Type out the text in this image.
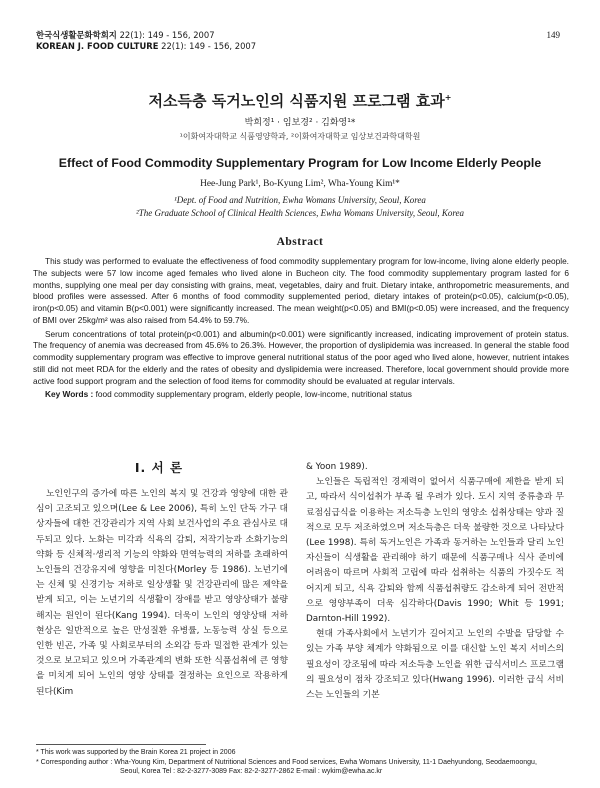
한국식생활문화학회지 22(1): 149 - 156, 2007
KOREAN J. FOOD CULTURE 22(1): 149 - 156, 2007
149
저소득층 독거노인의 식품지원 프로그램 효과+
박희정¹ · 임보경² · 김화영¹*
¹이화여자대학교 식품영양학과, ²이화여자대학교 임상보건과학대학원
Effect of Food Commodity Supplementary Program for Low Income Elderly People
Hee-Jung Park¹, Bo-Kyung Lim², Wha-Young Kim¹*
¹Dept. of Food and Nutrition, Ewha Womans University, Seoul, Korea
²The Graduate School of Clinical Health Sciences, Ewha Womans University, Seoul, Korea
Abstract

This study was performed to evaluate the effectiveness of food commodity supplementary program for low-income, living alone elderly people. The subjects were 57 low income aged females who lived alone in Bucheon city. The food commodity supplementary program lasted for 6 months, supplying one meal per day consisting with grains, meat, vegetables, dairy and fruit. Dietary intake, anthropometric measurements, and blood profiles were assessed. After 6 months of food commodity supplemented period, dietary intakes of protein(p<0.05), calcium(p<0.05), iron(p<0.05) and vitamin B(p<0.001) were significantly increased. The mean weight(p<0.05) and BMI(p<0.05) were increased, and the frequency of BMI over 25kg/m² was also raised from 54.4% to 59.7%.

Serum concentrations of total protein(p<0.001) and albumin(p<0.001) were significantly increased, indicating improvement of protein status. The frequency of anemia was decreased from 45.6% to 26.3%. However, the proportion of dyslipidemia was increased. In general the stable food commodity supplementary program was effective to improve general nutritional status of the poor aged who lived alone, however, nutrient intakes still did not meet RDA for the elderly and the rates of obesity and dyslipidemia were increased. Therefore, local government should provide more active food support program and the selection of food items for commodity should be evaluated at regular intervals.

Key Words : food commodity supplementary program, elderly people, low-income, nutritional status

I. 서 론

노인인구의 증가에 따른 노인의 복지 및 건강과 영양에 대한 관심이 고조되고 있으며(Lee & Lee 2006), 특히 노인 단독 가구 대상자들에 대한 건강관리가 지역 사회 보건사업의 주요 관심사로 대두되고 있다. 노화는 미각과 식욕의 감퇴, 저작기능과 소화기능의 약화 등 신체적·생리적 기능의 약화와 면역능력의 저하를 초래하여 노인들의 건강유지에 영향을 미친다(Morley 등 1986). 노년기에는 신체 및 신경기능 저하로 일상생활 및 건강관리에 많은 제약을 받게 되고, 이는 노년기의 식생활이 장애를 받고 영양상태가 불량해지는 원인이 된다(Kang 1994). 더욱이 노인의 영양상태 저하 현상은 일반적으로 높은 만성질환 유병률, 노동능력 상실 등으로 인한 빈곤, 가족 및 사회로부터의 소외감 등과 밀접한 관계가 있는 것으로 보고되고 있으며 가족관계의 변화 또한 식품섭취에 큰 영향을 미치게 되어 노인의 영양 상태를 결정하는 요인으로 작용하게 된다(Kim

& Yoon 1989).

노인들은 독립적인 경제력이 없어서 식품구매에 제한을 받게 되고, 따라서 식이섭취가 부족 될 우려가 있다. 도시 지역 중류층과 무료점심급식을 이용하는 저소득층 노인의 영양소 섭취상태는 양과 질적으로 모두 저조하였으며 저소득층은 더욱 불량한 것으로 나타났다(Lee 1998). 특히 독거노인은 가족과 동거하는 노인들과 달리 노인 자신들이 식생활을 관리해야 하기 때문에 식품구매나 식사 준비에 어려움이 따르며 사회적 고립에 따라 섭취하는 식품의 가짓수도 적어지게 되고, 식욕 감퇴와 함께 식품섭취량도 감소하게 되어 전반적으로 영양부족이 더욱 심각하다(Davis 1990; Whit 등 1991; Darnton-Hill 1992).

현대 가족사회에서 노년기가 길어지고 노인의 수발을 담당할 수 있는 가족 부양 체계가 약화됨으로 이를 대신할 노인 복지 서비스의 필요성이 강조됨에 따라 저소득층 노인을 위한 급식서비스 프로그램의 필요성이 점차 강조되고 있다(Hwang 1996). 이러한 급식 서비스는 노인들의 기본

* This work was supported by the Brain Korea 21 project in 2006
* Corresponding author : Wha-Young Kim, Department of Nutritional Sciences and Food services, Ewha Womans University, 11-1 Daehyundong, Seodaemoongu,
Seoul, Korea Tel : 82-2-3277-3089 Fax: 82-2-3277-2862 E-mail : wykim@ewha.ac.kr
